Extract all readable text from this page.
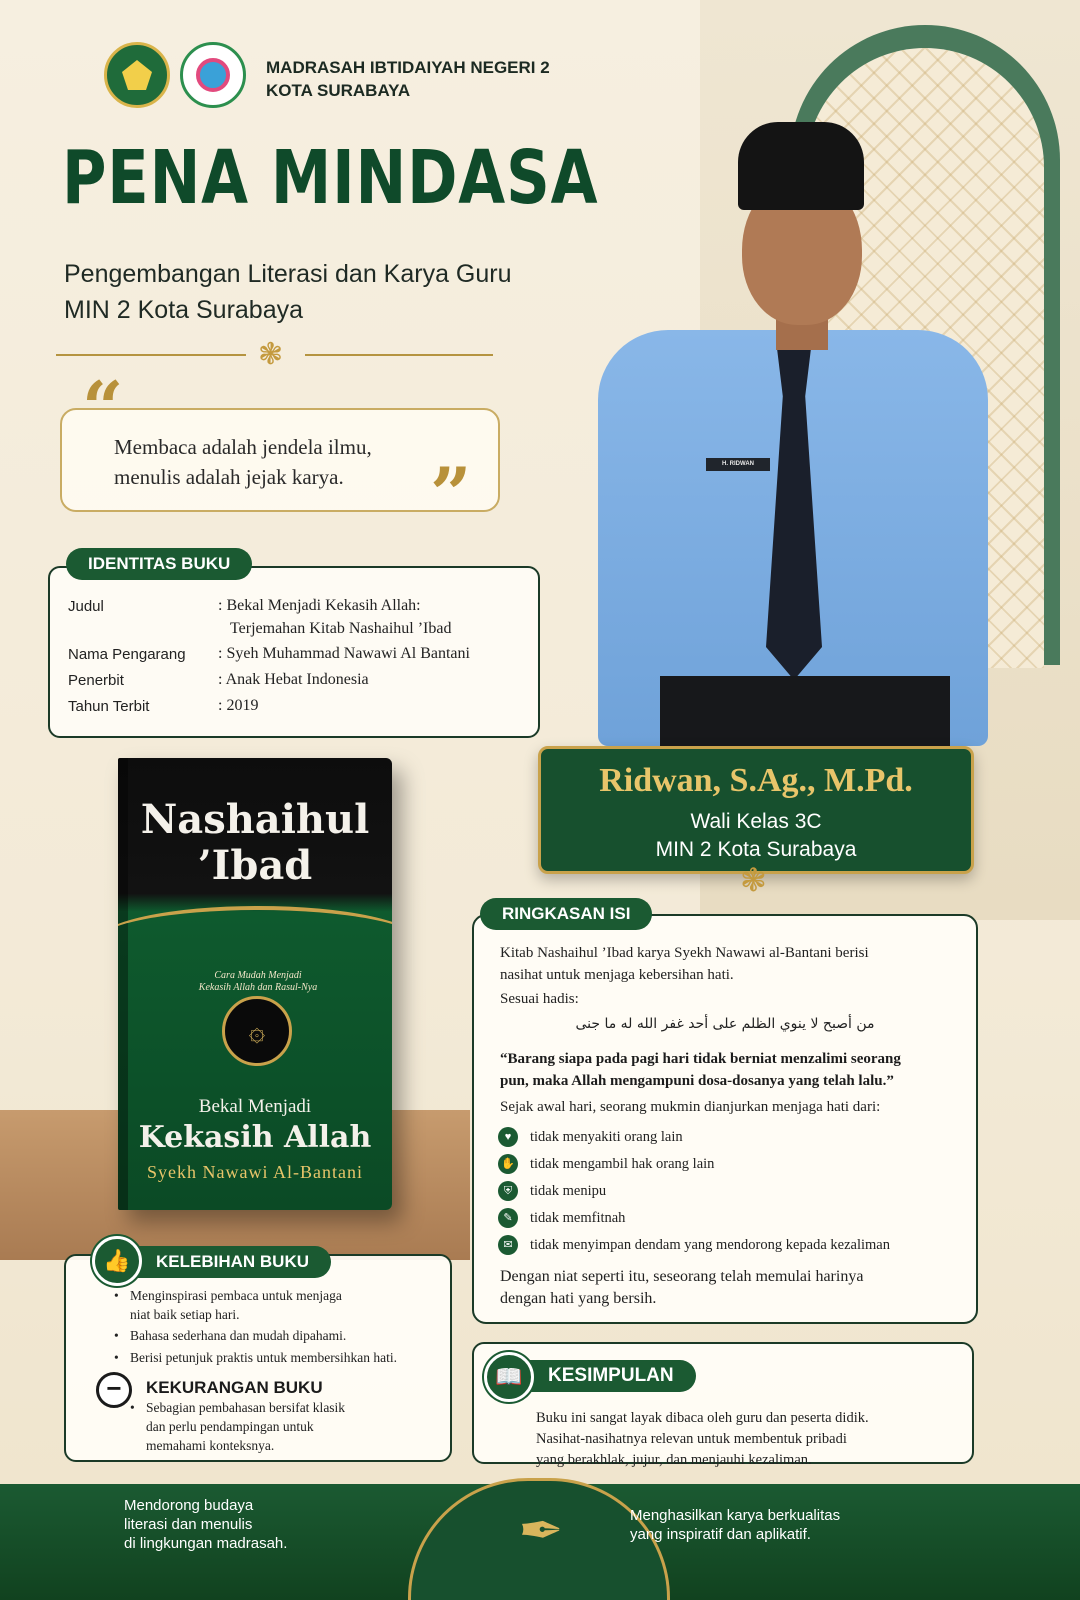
MADRASAH IBTIDAIYAH NEGERI 2
KOTA SURABAYA
PENA MINDASA
Pengembangan Literasi dan Karya Guru
MIN 2 Kota Surabaya
❃
“
Membaca adalah jendela ilmu,
menulis adalah jejak karya.	”
IDENTITAS BUKU
Judul	: Bekal Menjadi Kekasih Allah:
Terjemahan Kitab Nashaihul ’Ibad
Nama Pengarang : Syeh Muhammad Nawawi Al Bantani
Penerbit	: Anak Hebat Indonesia
Tahun Terbit	: 2019
Nashaihul
’Ibad
Cara Mudah Menjadi
Kekasih Allah dan Rasul-Nya
۞
Bekal Menjadi
Kekasih Allah
Syekh Nawawi Al-Bantani
H. RIDWAN
Ridwan, S.Ag., M.Pd.
Wali Kelas 3C
MIN 2 Kota Surabaya
❃
RINGKASAN ISI
Kitab Nashaihul ’Ibad karya Syekh Nawawi al-Bantani berisi
nasihat untuk menjaga kebersihan hati.
Sesuai hadis:
من أصبح لا ينوي الظلم على أحد غفر الله له ما جنى
“Barang siapa pada pagi hari tidak berniat menzalimi seorang
pun, maka Allah mengampuni dosa-dosanya yang telah lalu.”
Sejak awal hari, seorang mukmin dianjurkan menjaga hati dari:
♥	tidak menyakiti orang lain
✋ tidak mengambil hak orang lain
⛨	tidak menipu
✎	tidak memfitnah
✉	tidak menyimpan dendam yang mendorong kepada kezaliman
Dengan niat seperti itu, seseorang telah memulai harinya
dengan hati yang bersih.
KELEBIHAN BUKU
👍
• Menginspirasi pembaca untuk menjaga
niat baik setiap hari.
• Bahasa sederhana dan mudah dipahami.
• Berisi petunjuk praktis untuk membersihkan hati.
−	KEKURANGAN BUKU
• Sebagian pembahasan bersifat klasik
dan perlu pendampingan untuk
memahami konteksnya.
KESIMPULAN
📖
Buku ini sangat layak dibaca oleh guru dan peserta didik.
Nasihat-nasihatnya relevan untuk membentuk pribadi
yang berakhlak, jujur, dan menjauhi kezaliman.
✒
Mendorong budaya
literasi dan menulis
di lingkungan madrasah.
Menghasilkan karya berkualitas
yang inspiratif dan aplikatif.
